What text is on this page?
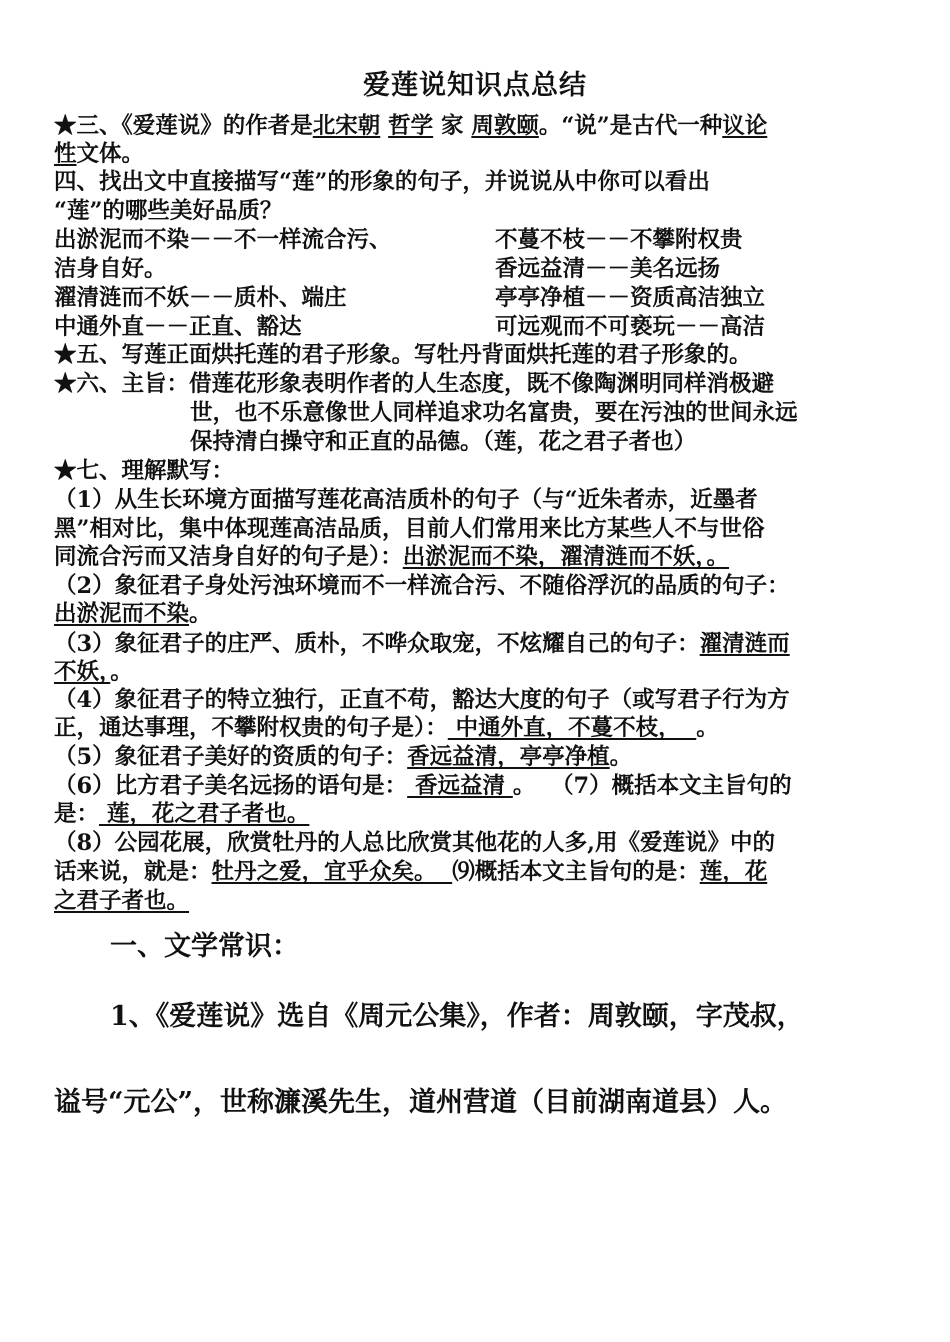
爱莲说知识点总结
★三、《爱莲说》的作者是北宋朝 哲学 家 周敦颐。“说”是古代一种议论
性文体。
四、找出文中直接描写“莲”的形象的句子，并说说从中你可以看出
“莲”的哪些美好品质？
出淤泥而不染－－不一样流合污、	不蔓不枝－－不攀附权贵
洁身自好。	香远益清－－美名远扬
濯清涟而不妖－－质朴、端庄	亭亭净植－－资质高洁独立
中通外直－－正直、豁达	可远观而不可亵玩－－高洁
★五、写莲正面烘托莲的君子形象。写牡丹背面烘托莲的君子形象的。
★六、主旨：借莲花形象表明作者的人生态度，既不像陶渊明同样消极避
世，也不乐意像世人同样追求功名富贵，要在污浊的世间永远
保持清白操守和正直的品德。（莲，花之君子者也）
★七、理解默写：
（1）从生长环境方面描写莲花高洁质朴的句子（与“近朱者赤，近墨者
黑”相对比，集中体现莲高洁品质，目前人们常用来比方某些人不与世俗
同流合污而又洁身自好的句子是）：出淤泥而不染，濯清涟而不妖，。
（2）象征君子身处污浊环境而不一样流合污、不随俗浮沉的品质的句子：
出淤泥而不染。
（3）象征君子的庄严、质朴，不哗众取宠，不炫耀自己的句子：濯清涟而
不妖，。
（4）象征君子的特立独行，正直不苟，豁达大度的句子（或写君子行为方
正，通达事理，不攀附权贵的句子是）： 中通外直，不蔓不枝，  。
（5）象征君子美好的资质的句子：香远益清，亭亭净植。
（6）比方君子美名远扬的语句是： 香远益清 。  （7）概括本文主旨句的
是： 莲，花之君子者也。
（8）公园花展，欣赏牡丹的人总比欣赏其他花的人多,用《爱莲说》中的
话来说，就是：牡丹之爱，宜乎众矣。  ⑼概括本文主旨句的是：莲，花
之君子者也。
一、文学常识：
1、《爱莲说》选自《周元公集》，作者：周敦颐，字茂叔，
谥号“元公”，世称濂溪先生，道州营道（目前湖南道县）人。
